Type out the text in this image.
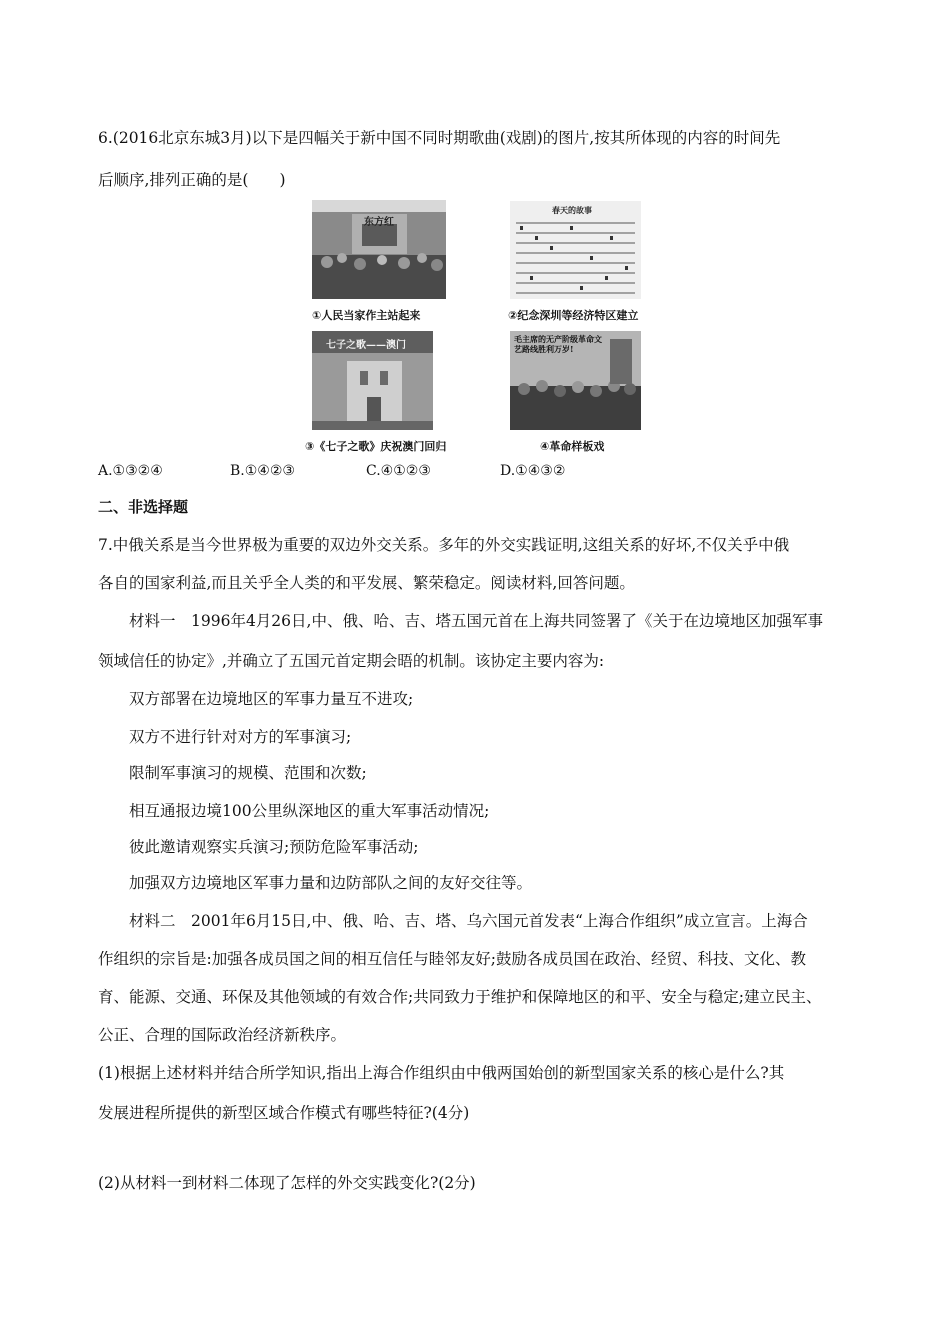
6.(2016北京东城3月)以下是四幅关于新中国不同时期歌曲(戏剧)的图片,按其所体现的内容的时间先
后顺序,排列正确的是(　　)
东方红
①人民当家作主站起来
春天的故事
②纪念深圳等经济特区建立
七子之歌——澳门
③《七子之歌》庆祝澳门回归
毛主席的无产阶级革命文艺路线胜利万岁!
④革命样板戏
A.①③②④	B.①④②③	C.④①②③	D.①④③②
二、非选择题
7.中俄关系是当今世界极为重要的双边外交关系。多年的外交实践证明,这组关系的好坏,不仅关乎中俄
各自的国家利益,而且关乎全人类的和平发展、繁荣稳定。阅读材料,回答问题。
材料一　1996年4月26日,中、俄、哈、吉、塔五国元首在上海共同签署了《关于在边境地区加强军事
领域信任的协定》,并确立了五国元首定期会晤的机制。该协定主要内容为:
双方部署在边境地区的军事力量互不进攻;
双方不进行针对对方的军事演习;
限制军事演习的规模、范围和次数;
相互通报边境100公里纵深地区的重大军事活动情况;
彼此邀请观察实兵演习;预防危险军事活动;
加强双方边境地区军事力量和边防部队之间的友好交往等。
材料二　2001年6月15日,中、俄、哈、吉、塔、乌六国元首发表“上海合作组织”成立宣言。上海合
作组织的宗旨是:加强各成员国之间的相互信任与睦邻友好;鼓励各成员国在政治、经贸、科技、文化、教
育、能源、交通、环保及其他领域的有效合作;共同致力于维护和保障地区的和平、安全与稳定;建立民主、
公正、合理的国际政治经济新秩序。
(1)根据上述材料并结合所学知识,指出上海合作组织由中俄两国始创的新型国家关系的核心是什么?其
发展进程所提供的新型区域合作模式有哪些特征?(4分)
(2)从材料一到材料二体现了怎样的外交实践变化?(2分)
